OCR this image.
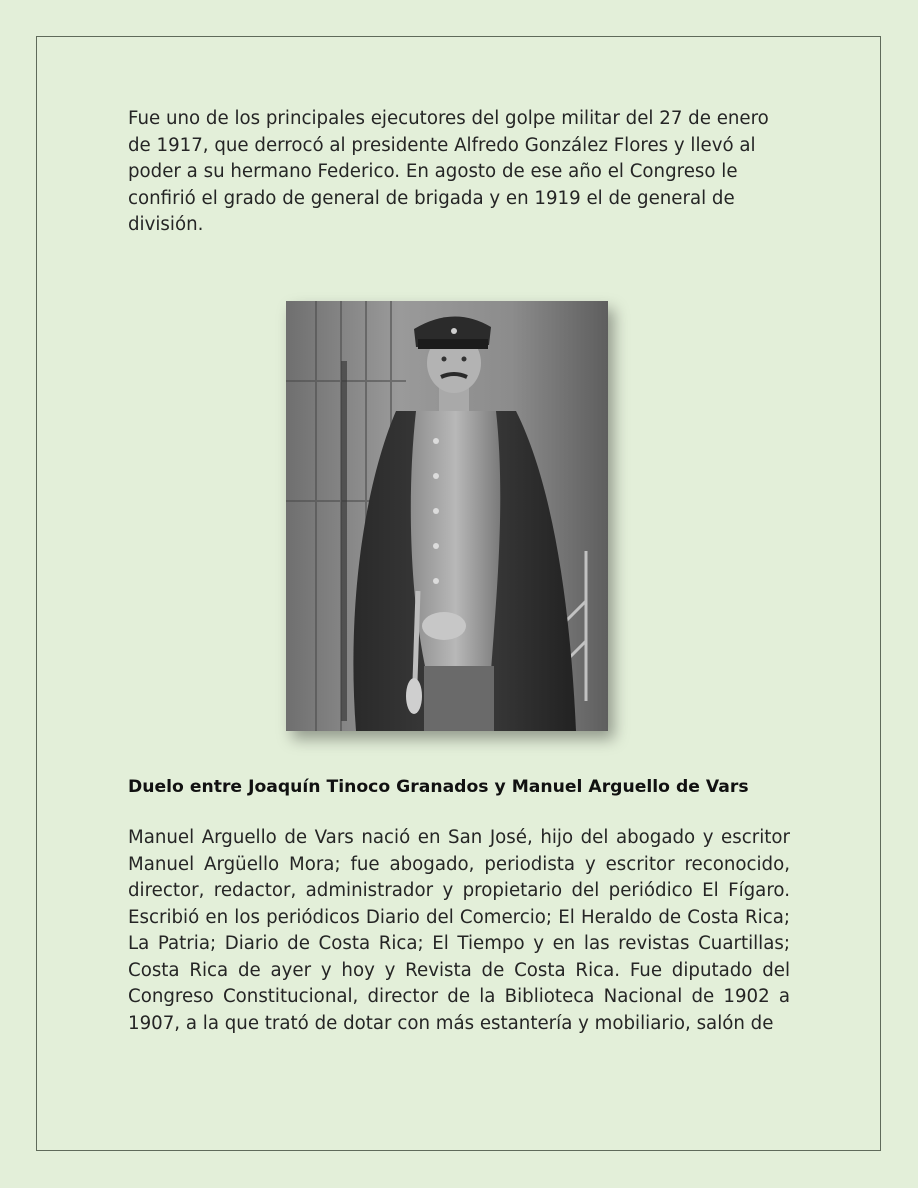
Fue uno de los principales ejecutores del golpe militar del 27 de enero de 1917, que derrocó al presidente Alfredo González Flores y llevó al poder a su hermano Federico. En agosto de ese año el Congreso le confirió el grado de general de brigada y en 1919 el de general de división.

Duelo entre Joaquín Tinoco Granados y Manuel Arguello de Vars

Manuel Arguello de Vars nació en San José, hijo del abogado y escritor Manuel Argüello Mora; fue abogado, periodista y escritor reconocido, director, redactor, administrador y propietario del periódico El Fígaro. Escribió en los periódicos Diario del Comercio; El Heraldo de Costa Rica; La Patria; Diario de Costa Rica; El Tiempo y en las revistas Cuartillas; Costa Rica de ayer y hoy y Revista de Costa Rica. Fue diputado del Congreso Constitucional, director de la Biblioteca Nacional de 1902 a 1907, a la que trató de dotar con más estantería y mobiliario, salón de
